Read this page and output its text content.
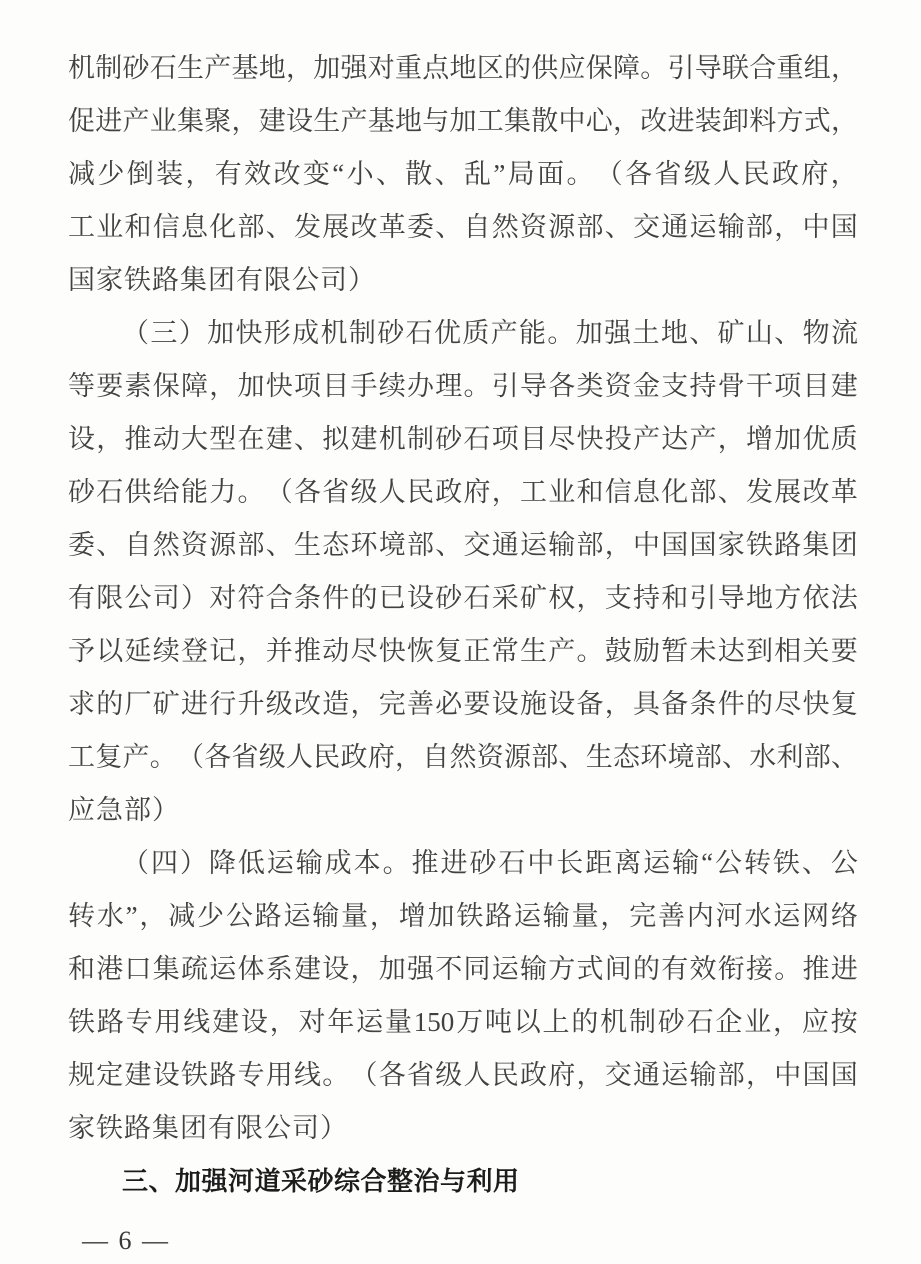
机 制 砂 石 生 产 基 地 ， 加 强 对 重 点 地 区 的 供 应 保 障 。 引 导 联 合 重 组 ，
促 进 产 业 集 聚 ， 建 设 生 产 基 地 与 加 工 集 散 中 心 ， 改 进 装 卸 料 方 式 ，
减 少 倒 装 ， 有 效 改 变 “ 小 、 散 、 乱 ” 局 面 。 （ 各 省 级 人 民 政 府 ，
工 业 和 信 息 化 部 、 发 展 改 革 委 、 自 然 资 源 部 、 交 通 运 输 部 ， 中 国
国家铁路集团有限公司）
（ 三 ） 加 快 形 成 机 制 砂 石 优 质 产 能 。 加 强 土 地 、 矿 山 、 物 流
等 要 素 保 障 ， 加 快 项 目 手 续 办 理 。 引 导 各 类 资 金 支 持 骨 干 项 目 建
设 ， 推 动 大 型 在 建 、 拟 建 机 制 砂 石 项 目 尽 快 投 产 达 产 ， 增 加 优 质
砂 石 供 给 能 力 。 （ 各 省 级 人 民 政 府 ， 工 业 和 信 息 化 部 、 发 展 改 革
委 、 自 然 资 源 部 、 生 态 环 境 部 、 交 通 运 输 部 ， 中 国 国 家 铁 路 集 团
有 限 公 司 ） 对 符 合 条 件 的 已 设 砂 石 采 矿 权 ， 支 持 和 引 导 地 方 依 法
予 以 延 续 登 记 ， 并 推 动 尽 快 恢 复 正 常 生 产 。 鼓 励 暂 未 达 到 相 关 要
求 的 厂 矿 进 行 升 级 改 造 ， 完 善 必 要 设 施 设 备 ， 具 备 条 件 的 尽 快 复
工 复 产 。 （ 各 省 级 人 民 政 府 ， 自 然 资 源 部 、 生 态 环 境 部 、 水 利 部 、
应急部）
（ 四 ） 降 低 运 输 成 本 。 推 进 砂 石 中 长 距 离 运 输 “ 公 转 铁 、 公
转 水 ” ， 减 少 公 路 运 输 量 ， 增 加 铁 路 运 输 量 ， 完 善 内 河 水 运 网 络
和 港 口 集 疏 运 体 系 建 设 ， 加 强 不 同 运 输 方 式 间 的 有 效 衔 接 。 推 进
铁 路 专 用 线 建 设 ， 对 年 运 量 150 万 吨 以 上 的 机 制 砂 石 企 业 ， 应 按
规 定 建 设 铁 路 专 用 线 。 （ 各 省 级 人 民 政 府 ， 交 通 运 输 部 ， 中 国 国
家铁路集团有限公司）
三、加强河道采砂综合整治与利用
— 6 —
